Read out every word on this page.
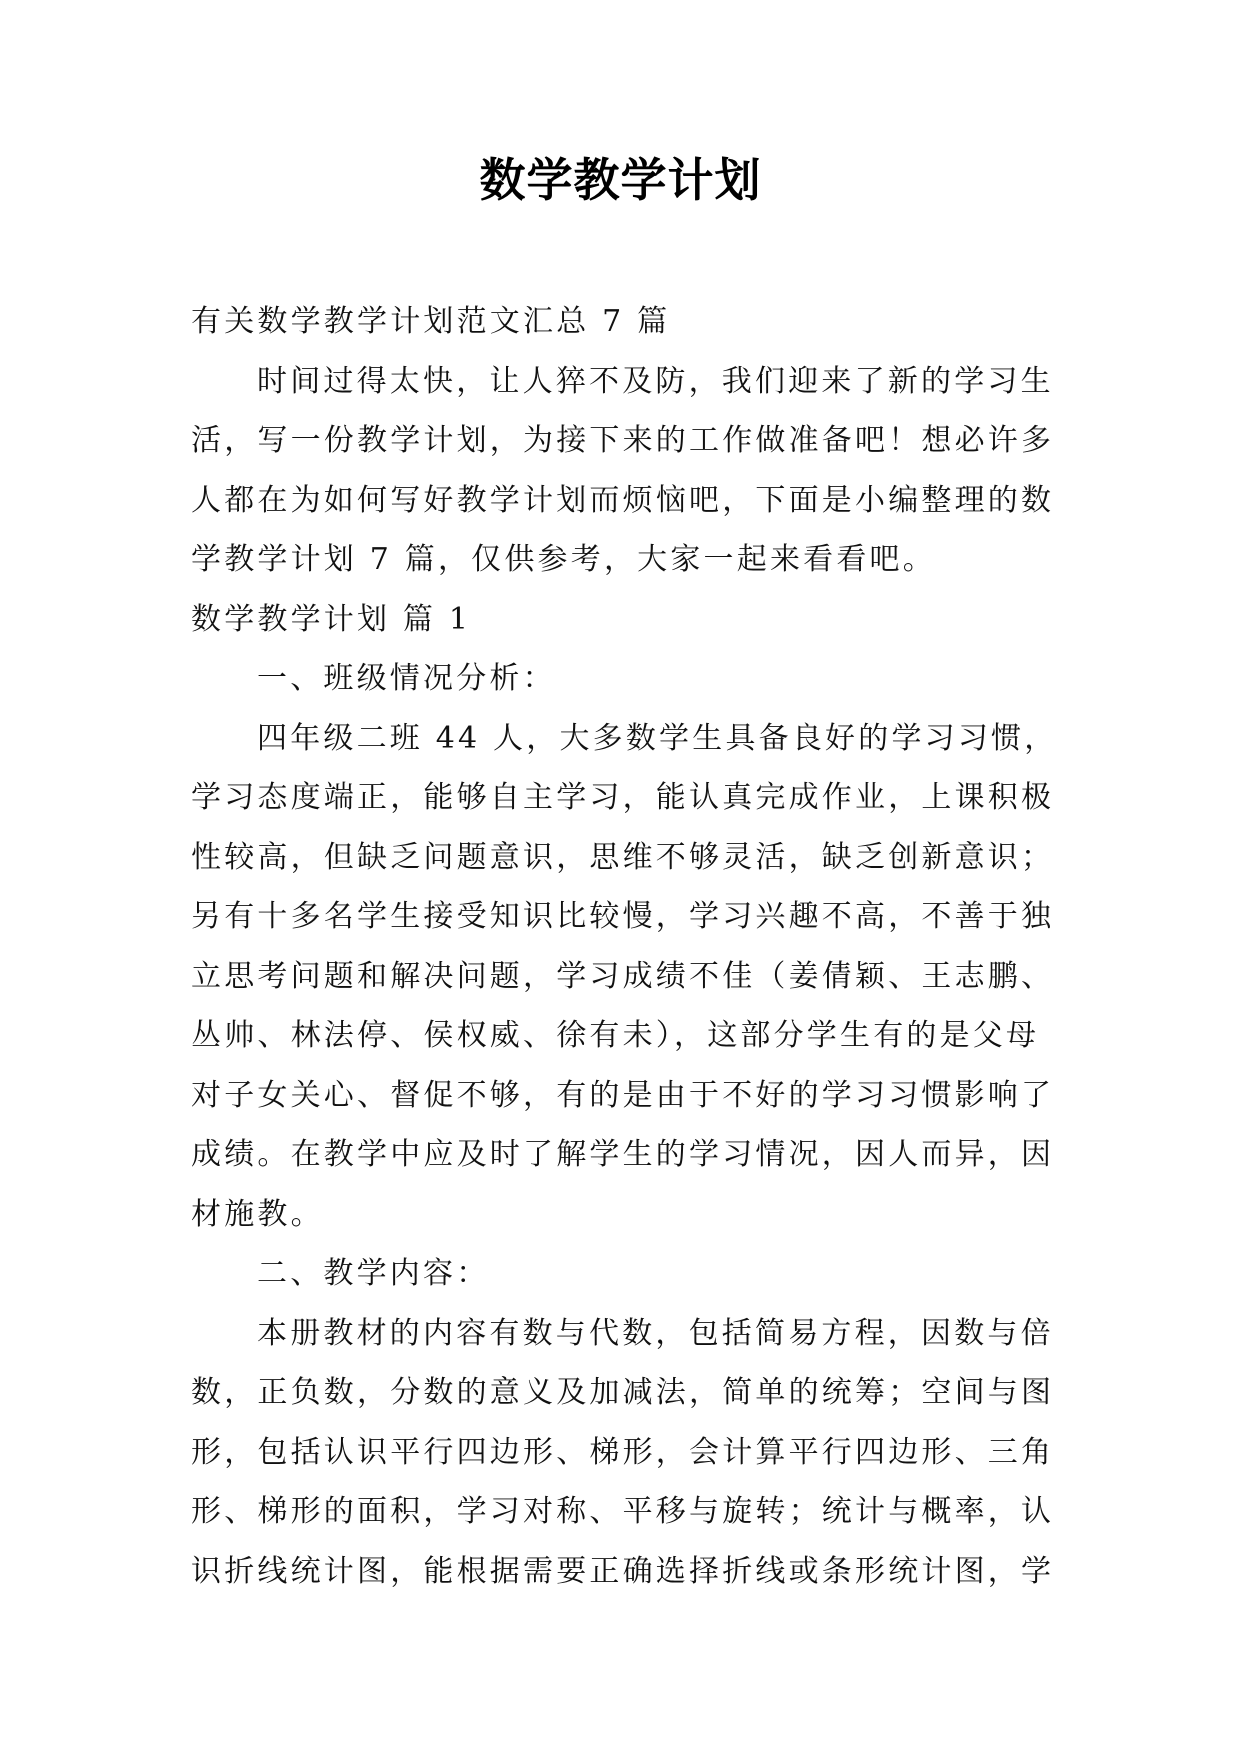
数学教学计划
有关数学教学计划范文汇总 7 篇
时间过得太快，让人猝不及防，我们迎来了新的学习生
活，写一份教学计划，为接下来的工作做准备吧！想必许多
人都在为如何写好教学计划而烦恼吧，下面是小编整理的数
学教学计划 7 篇，仅供参考，大家一起来看看吧。
数学教学计划 篇 1
一、班级情况分析：
四年级二班 44 人，大多数学生具备良好的学习习惯，
学习态度端正，能够自主学习，能认真完成作业，上课积极
性较高，但缺乏问题意识，思维不够灵活，缺乏创新意识；
另有十多名学生接受知识比较慢，学习兴趣不高，不善于独
立思考问题和解决问题，学习成绩不佳（姜倩颖、王志鹏、
丛帅、林法停、侯权威、徐有未），这部分学生有的是父母
对子女关心、督促不够，有的是由于不好的学习习惯影响了
成绩。在教学中应及时了解学生的学习情况，因人而异，因
材施教。
二、教学内容：
本册教材的内容有数与代数，包括简易方程，因数与倍
数，正负数，分数的意义及加减法，简单的统筹；空间与图
形，包括认识平行四边形、梯形，会计算平行四边形、三角
形、梯形的面积，学习对称、平移与旋转；统计与概率，认
识折线统计图，能根据需要正确选择折线或条形统计图，学
